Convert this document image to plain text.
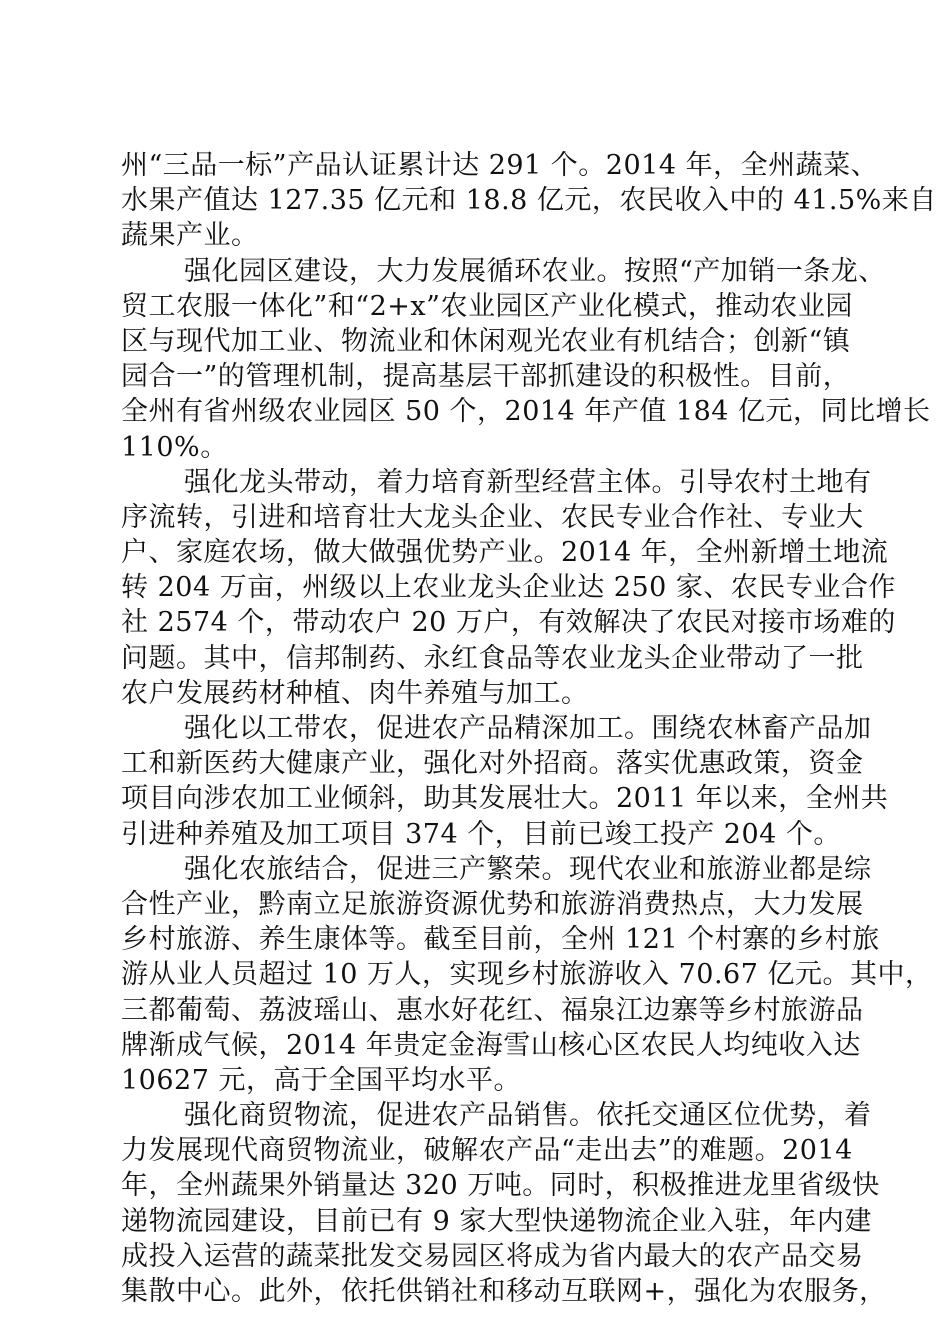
州“三品一标”产品认证累计达 291 个。2014 年，全州蔬菜、
水果产值达 127.35 亿元和 18.8 亿元，农民收入中的 41.5%来自
蔬果产业。
强化园区建设，大力发展循环农业。按照“产加销一条龙、
贸工农服一体化”和“2+x”农业园区产业化模式，推动农业园
区与现代加工业、物流业和休闲观光农业有机结合；创新“镇
园合一”的管理机制，提高基层干部抓建设的积极性。目前，
全州有省州级农业园区 50 个，2014 年产值 184 亿元，同比增长
110%。
强化龙头带动，着力培育新型经营主体。引导农村土地有
序流转，引进和培育壮大龙头企业、农民专业合作社、专业大
户、家庭农场，做大做强优势产业。2014 年，全州新增土地流
转 204 万亩，州级以上农业龙头企业达 250 家、农民专业合作
社 2574 个，带动农户 20 万户，有效解决了农民对接市场难的
问题。其中，信邦制药、永红食品等农业龙头企业带动了一批
农户发展药材种植、肉牛养殖与加工。
强化以工带农，促进农产品精深加工。围绕农林畜产品加
工和新医药大健康产业，强化对外招商。落实优惠政策，资金
项目向涉农加工业倾斜，助其发展壮大。2011 年以来，全州共
引进种养殖及加工项目 374 个，目前已竣工投产 204 个。
强化农旅结合，促进三产繁荣。现代农业和旅游业都是综
合性产业，黔南立足旅游资源优势和旅游消费热点，大力发展
乡村旅游、养生康体等。截至目前，全州 121 个村寨的乡村旅
游从业人员超过 10 万人，实现乡村旅游收入 70.67 亿元。其中，
三都葡萄、荔波瑶山、惠水好花红、福泉江边寨等乡村旅游品
牌渐成气候，2014 年贵定金海雪山核心区农民人均纯收入达
10627 元，高于全国平均水平。
强化商贸物流，促进农产品销售。依托交通区位优势，着
力发展现代商贸物流业，破解农产品“走出去”的难题。2014
年，全州蔬果外销量达 320 万吨。同时，积极推进龙里省级快
递物流园建设，目前已有 9 家大型快递物流企业入驻，年内建
成投入运营的蔬菜批发交易园区将成为省内最大的农产品交易
集散中心。此外，依托供销社和移动互联网+，强化为农服务，
